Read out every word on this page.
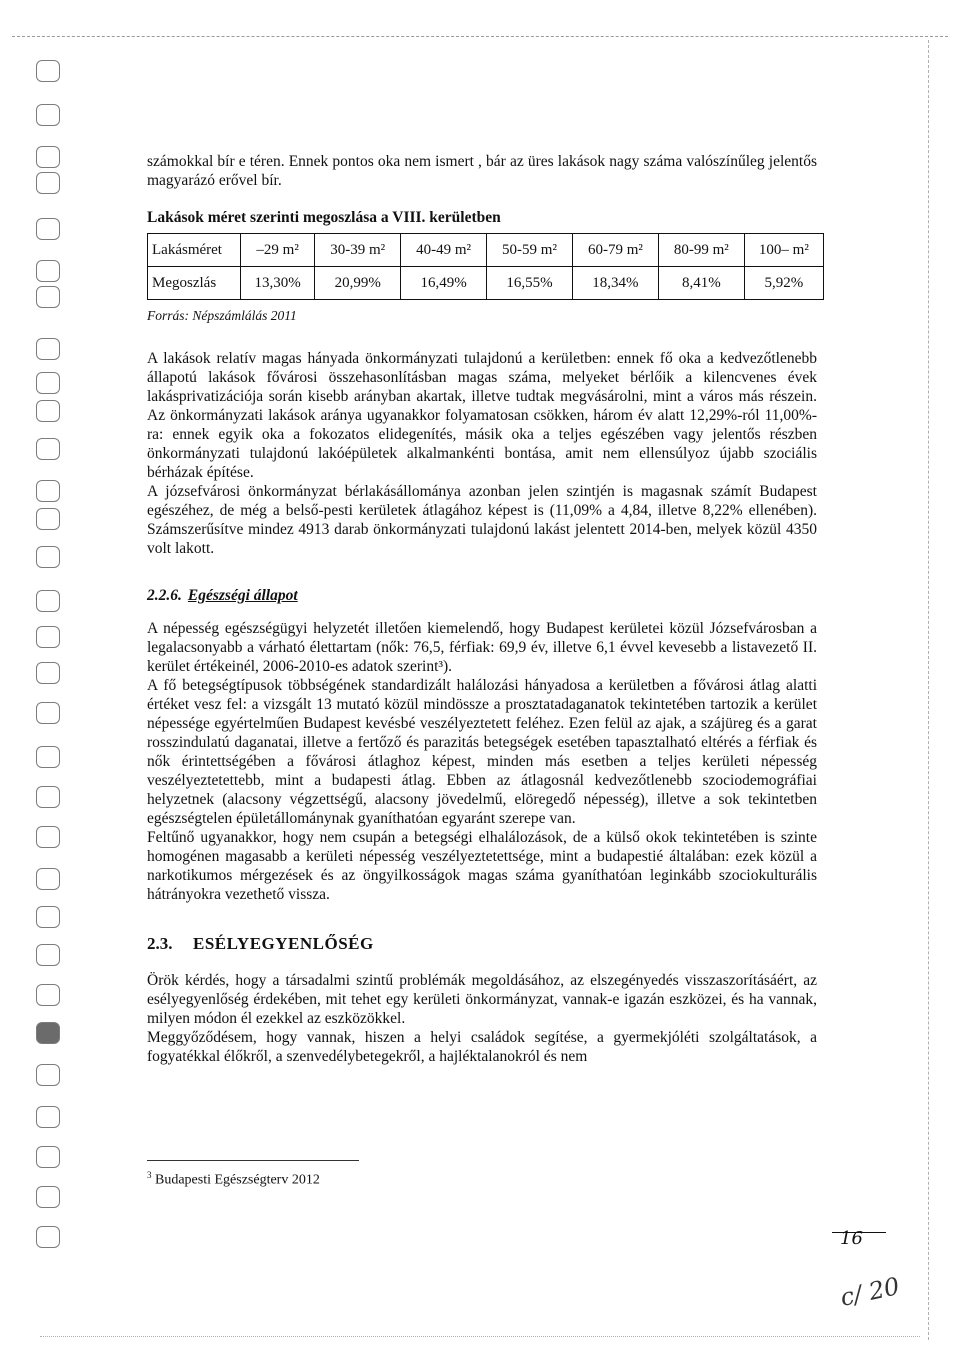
számokkal bír e téren. Ennek pontos oka nem ismert , bár az üres lakások nagy száma valószínűleg jelentős magyarázó erővel bír.

Lakások méret szerinti megoszlása a VIII. kerületben
Lakásméret	–29 m²	30-39 m²	40-49 m²	50-59 m²	60-79 m²	80-99 m²	100– m²
Megoszlás	13,30%	20,99%	16,49%	16,55%	18,34%	8,41%	5,92%
Forrás: Népszámlálás 2011

A lakások relatív magas hányada önkormányzati tulajdonú a kerületben: ennek fő oka a kedvezőtlenebb állapotú lakások fővárosi összehasonlításban magas száma, melyeket bérlőik a kilencvenes évek lakásprivatizációja során kisebb arányban akartak, illetve tudtak megvásárolni, mint a város más részein. Az önkormányzati lakások aránya ugyanakkor folyamatosan csökken, három év alatt 12,29%-ról 11,00%-ra: ennek egyik oka a fokozatos elidegenítés, másik oka a teljes egészében vagy jelentős részben önkormányzati tulajdonú lakóépületek alkalmankénti bontása, amit nem ellensúlyoz újabb szociális bérházak építése.

A józsefvárosi önkormányzat bérlakásállománya azonban jelen szintjén is magasnak számít Budapest egészéhez, de még a belső-pesti kerületek átlagához képest is (11,09% a 4,84, illetve 8,22% ellenében). Számszerűsítve mindez 4913 darab önkormányzati tulajdonú lakást jelentett 2014-ben, melyek közül 4350 volt lakott.

2.2.6. Egészségi állapot

A népesség egészségügyi helyzetét illetően kiemelendő, hogy Budapest kerületei közül Józsefvárosban a legalacsonyabb a várható élettartam (nők: 76,5, férfiak: 69,9 év, illetve 6,1 évvel kevesebb a listavezető II. kerület értékeinél, 2006-2010-es adatok szerint³).

A fő betegségtípusok többségének standardizált halálozási hányadosa a kerületben a fővárosi átlag alatti értéket vesz fel: a vizsgált 13 mutató közül mindössze a prosztatadaganatok tekintetében tartozik a kerület népessége egyértelműen Budapest kevésbé veszélyeztetett feléhez. Ezen felül az ajak, a szájüreg és a garat rosszindulatú daganatai, illetve a fertőző és parazitás betegségek esetében tapasztalható eltérés a férfiak és nők érintettségében a fővárosi átlaghoz képest, minden más esetben a teljes kerületi népesség veszélyeztetettebb, mint a budapesti átlag. Ebben az átlagosnál kedvezőtlenebb szociodemográfiai helyzetnek (alacsony végzettségű, alacsony jövedelmű, elöregedő népesség), illetve a sok tekintetben egészségtelen épületállománynak gyaníthatóan egyaránt szerepe van.

Feltűnő ugyanakkor, hogy nem csupán a betegségi elhalálozások, de a külső okok tekintetében is szinte homogénen magasabb a kerületi népesség veszélyeztetettsége, mint a budapestié általában: ezek közül a narkotikumos mérgezések és az öngyilkosságok magas száma gyaníthatóan leginkább szociokulturális hátrányokra vezethető vissza.

2.3.	ESÉLYEGYENLŐSÉG

Örök kérdés, hogy a társadalmi szintű problémák megoldásához, az elszegényedés visszaszorításáért, az esélyegyenlőség érdekében, mit tehet egy kerületi önkormányzat, vannak-e igazán eszközei, és ha vannak, milyen módon él ezekkel az eszközökkel.

Meggyőződésem, hogy vannak, hiszen a helyi családok segítése, a gyermekjóléti szolgáltatások, a fogyatékkal élőkről, a szenvedélybetegekről, a hajléktalanokról és nem

$^3$ Budapesti Egészségterv 2012
16
c/ 20
